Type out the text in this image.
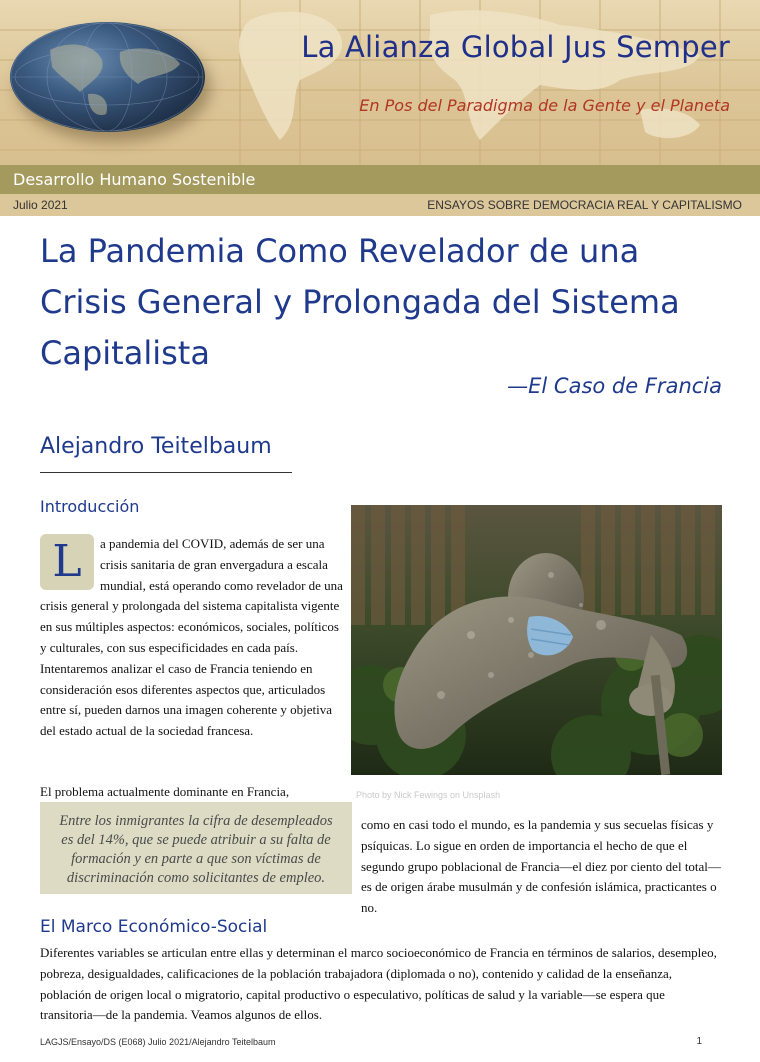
La Alianza Global Jus Semper
En Pos del Paradigma de la Gente y el Planeta
Desarrollo Humano Sostenible
Julio 2021	ENSAYOS SOBRE DEMOCRACIA REAL Y CAPITALISMO
La Pandemia Como Revelador de una Crisis General y Prolongada del Sistema Capitalista
—El Caso de Francia
Alejandro Teitelbaum
Introducción
L	a pandemia del COVID, además de ser una crisis sanitaria de gran envergadura a escala mundial, está operando como revelador de una crisis general y prolongada del sistema capitalista vigente en sus múltiples aspectos: económicos, sociales, políticos y culturales, con sus especificidades en cada país. Intentaremos analizar el caso de Francia teniendo en consideración esos diferentes aspectos que, articulados entre sí, pueden darnos una imagen coherente y objetiva del estado actual de la sociedad francesa.

El problema actualmente dominante en Francia,	Photo by Nick Fewings on Unsplash
Entre los inmigrantes la cifra de desempleados es del 14%, que se puede atribuir a su falta de formación y en parte a que son víctimas de discriminación como solicitantes de empleo.
como en casi todo el mundo, es la pandemia y sus secuelas físicas y psíquicas. Lo sigue en orden de importancia el hecho de que el segundo grupo poblacional de Francia—el diez por ciento del total—es de origen árabe musulmán y de confesión islámica, practicantes o no.
El Marco Económico-Social
Diferentes variables se articulan entre ellas y determinan el marco socioeconómico de Francia en términos de salarios, desempleo, pobreza, desigualdades, calificaciones de la población trabajadora (diplomada o no), contenido y calidad de la enseñanza, población de origen local o migratorio, capital productivo o especulativo, políticas de salud y la variable—se espera que transitoria—de la pandemia. Veamos algunos de ellos.
LAGJS/Ensayo/DS (E068) Julio 2021/Alejandro Teitelbaum	1
